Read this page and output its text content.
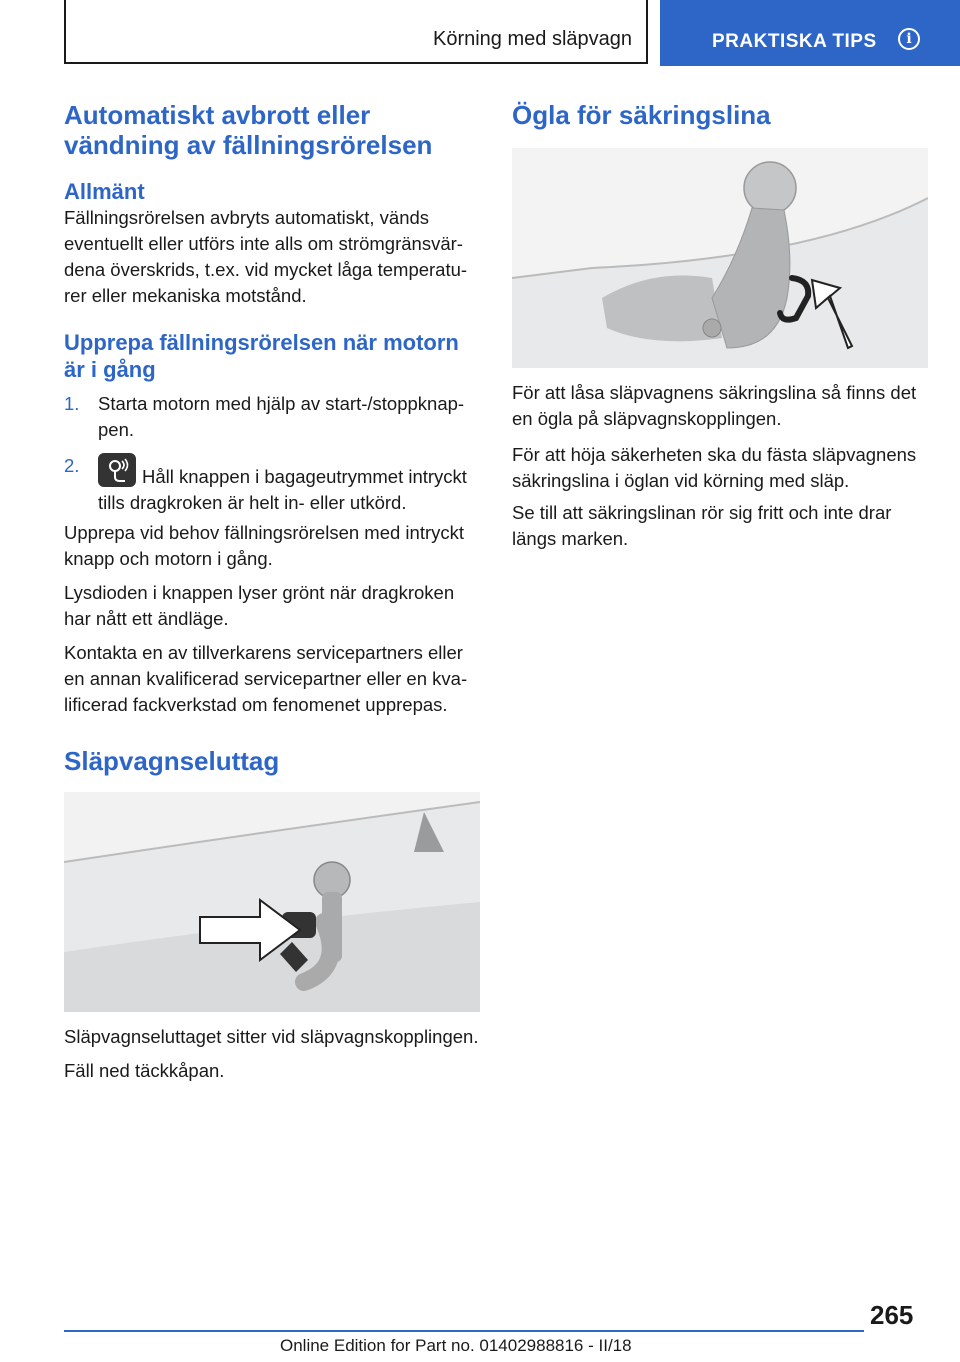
Körning med släpvagn	PRAKTISKA TIPS	i
Automatiskt avbrott eller vändning av fällningsrörelsen
Allmänt

Fällningsrörelsen avbryts automatiskt, vänds eventuellt eller utförs inte alls om strömgränsvärdena överskrids, t.ex. vid mycket låga temperaturer eller mekaniska motstånd.

Upprepa fällningsrörelsen när motorn är i gång
1. Starta motorn med hjälp av start-/stoppknappen.
2.
Håll knappen i bagageutrymmet intryckt tills dragkroken är helt in- eller utkörd.

Upprepa vid behov fällningsrörelsen med intryckt knapp och motorn i gång.

Lysdioden i knappen lyser grönt när dragkroken har nått ett ändläge.

Kontakta en av tillverkarens servicepartners eller en annan kvalificerad servicepartner eller en kvalificerad fackverkstad om fenomenet upprepas.

Släpvagnseluttag

Släpvagnseluttaget sitter vid släpvagnskopplingen.

Fäll ned täckkåpan.

Ögla för säkringslina

För att låsa släpvagnens säkringslina så finns det en ögla på släpvagnskopplingen.

För att höja säkerheten ska du fästa släpvagnens säkringslina i öglan vid körning med släp.

Se till att säkringslinan rör sig fritt och inte drar längs marken.

265
Online Edition for Part no. 01402988816 - II/18
